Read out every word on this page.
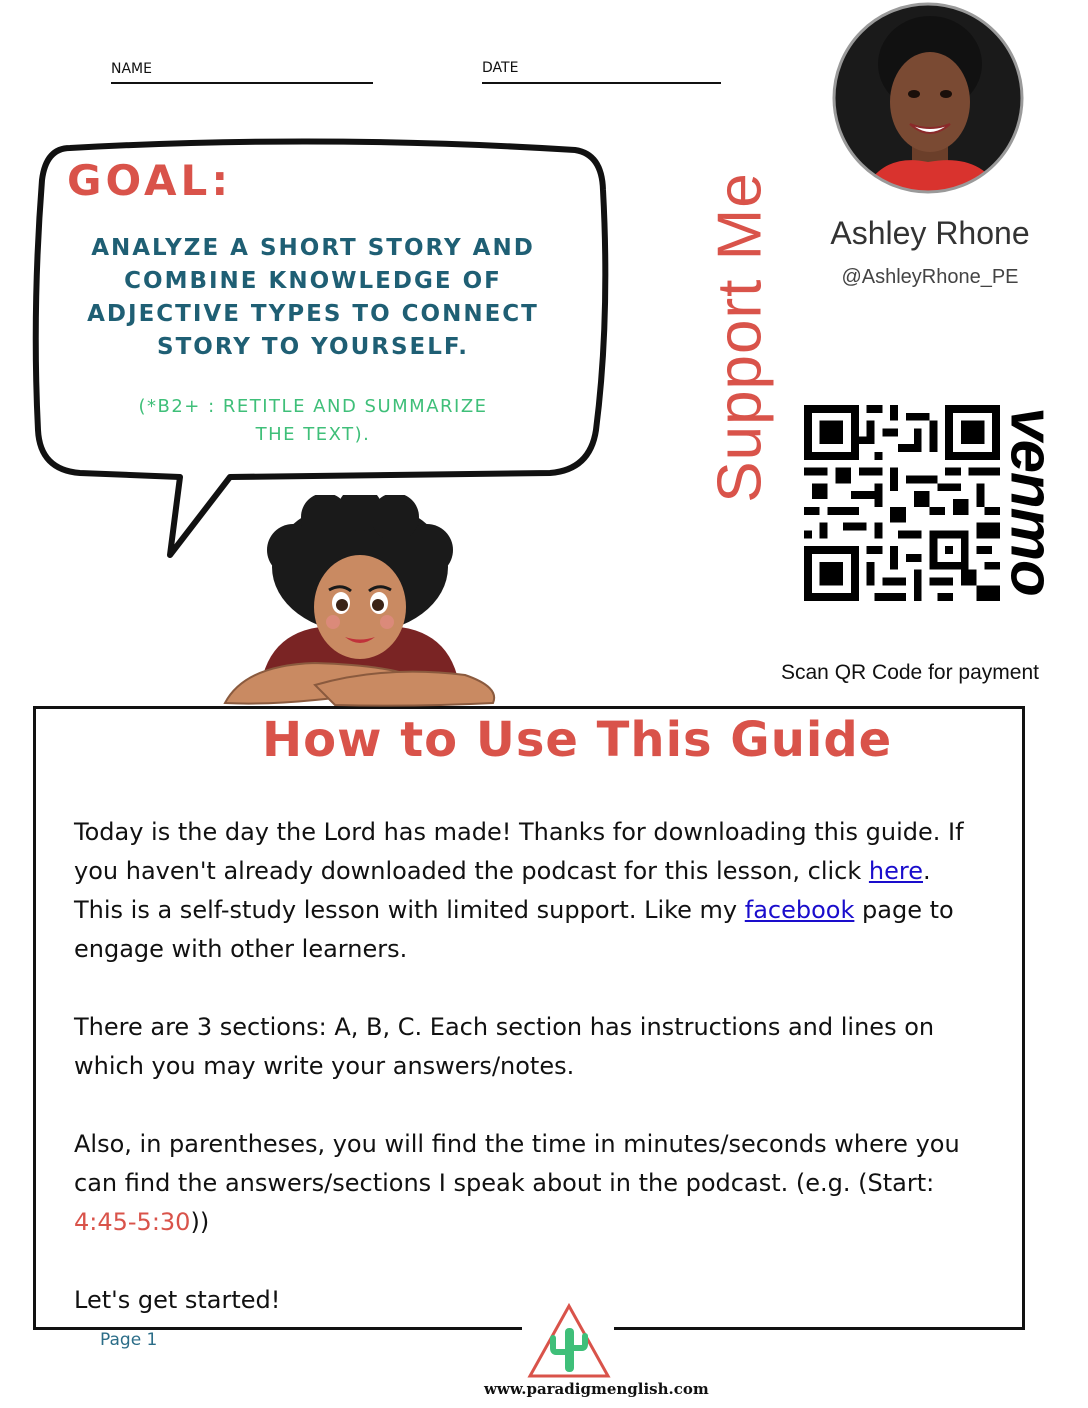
NAME	DATE
GOAL:
ANALYZE A SHORT STORY AND
COMBINE KNOWLEDGE OF
ADJECTIVE TYPES TO CONNECT
STORY TO YOURSELF.
(*B2+ : RETITLE AND SUMMARIZE
THE TEXT).	Support Me	Ashley Rhone
@AshleyRhone_PE
venmo
Scan QR Code for payment
How to Use This Guide

Today is the day the Lord has made! Thanks for downloading this guide. If you haven't already downloaded the podcast for this lesson, click here. This is a self-study lesson with limited support. Like my facebook page to engage with other learners.

There are 3 sections: A, B, C. Each section has instructions and lines on which you may write your answers/notes.

Also, in parentheses, you will find the time in minutes/seconds where you can find the answers/sections I speak about in the podcast. (e.g. (Start: 4:45-5:30))

Let's get started!

Page 1
www.paradigmenglish.com
